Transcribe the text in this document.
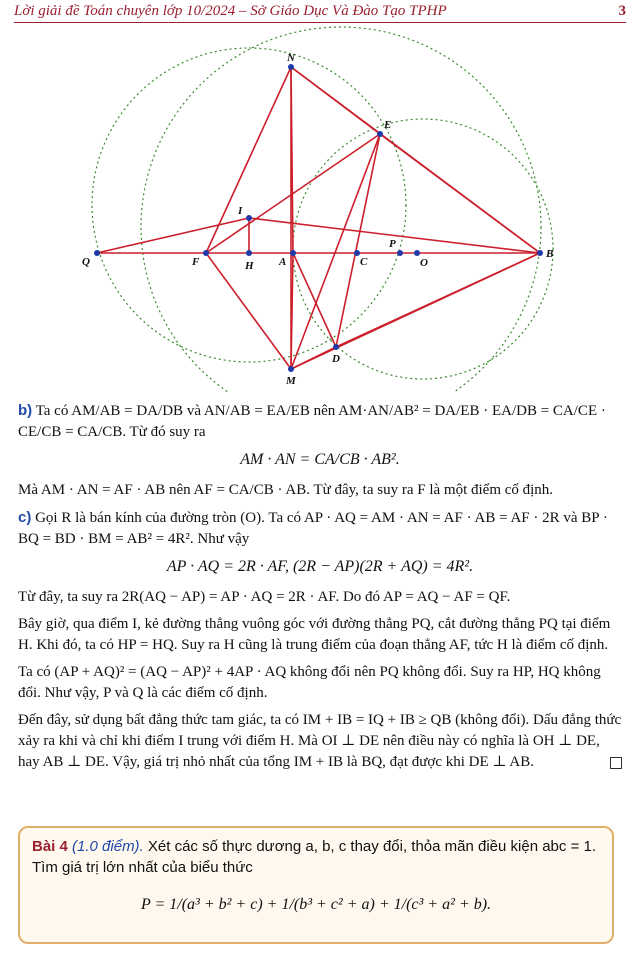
Lời giải đề Toán chuyên lớp 10/2024 – Sở Giáo Dục Và Đào Tạo TPHP	3
N
E
I
Q	F	H A	C
P
O
B
D
M

b) Ta có AM/AB = DA/DB và AN/AB = EA/EB nên AM·AN/AB² = DA/EB · EA/DB = CA/CE · CE/CB = CA/CB. Từ đó suy ra

AM · AN = CA/CB · AB².

Mà AM · AN = AF · AB nên AF = CA/CB · AB. Từ đây, ta suy ra F là một điểm cố định.

c) Gọi R là bán kính của đường tròn (O). Ta có AP · AQ = AM · AN = AF · AB = AF · 2R và BP · BQ = BD · BM = AB² = 4R². Như vậy

AP · AQ = 2R · AF, (2R − AP)(2R + AQ) = 4R².

Từ đây, ta suy ra 2R(AQ − AP) = AP · AQ = 2R · AF. Do đó AP = AQ − AF = QF.

Bây giờ, qua điểm I, kẻ đường thẳng vuông góc với đường thẳng PQ, cắt đường thẳng PQ tại điểm H. Khi đó, ta có HP = HQ. Suy ra H cũng là trung điểm của đoạn thẳng AF, tức H là điểm cố định.

Ta có (AP + AQ)² = (AQ − AP)² + 4AP · AQ không đổi nên PQ không đổi. Suy ra HP, HQ không đổi. Như vậy, P và Q là các điểm cố định.

Đến đây, sử dụng bất đẳng thức tam giác, ta có IM + IB = IQ + IB ≥ QB (không đổi). Dấu đẳng thức xảy ra khi và chỉ khi điểm I trung với điểm H. Mà OI ⊥ DE nên điều này có nghĩa là OH ⊥ DE, hay AB ⊥ DE. Vậy, giá trị nhỏ nhất của tổng IM + IB là BQ, đạt được khi DE ⊥ AB.

Bài 4 (1.0 điểm). Xét các số thực dương a, b, c thay đổi, thỏa mãn điều kiện abc = 1. Tìm giá trị lớn nhất của biểu thức
P = 1/(a³ + b² + c) + 1/(b³ + c² + a) + 1/(c³ + a² + b).
